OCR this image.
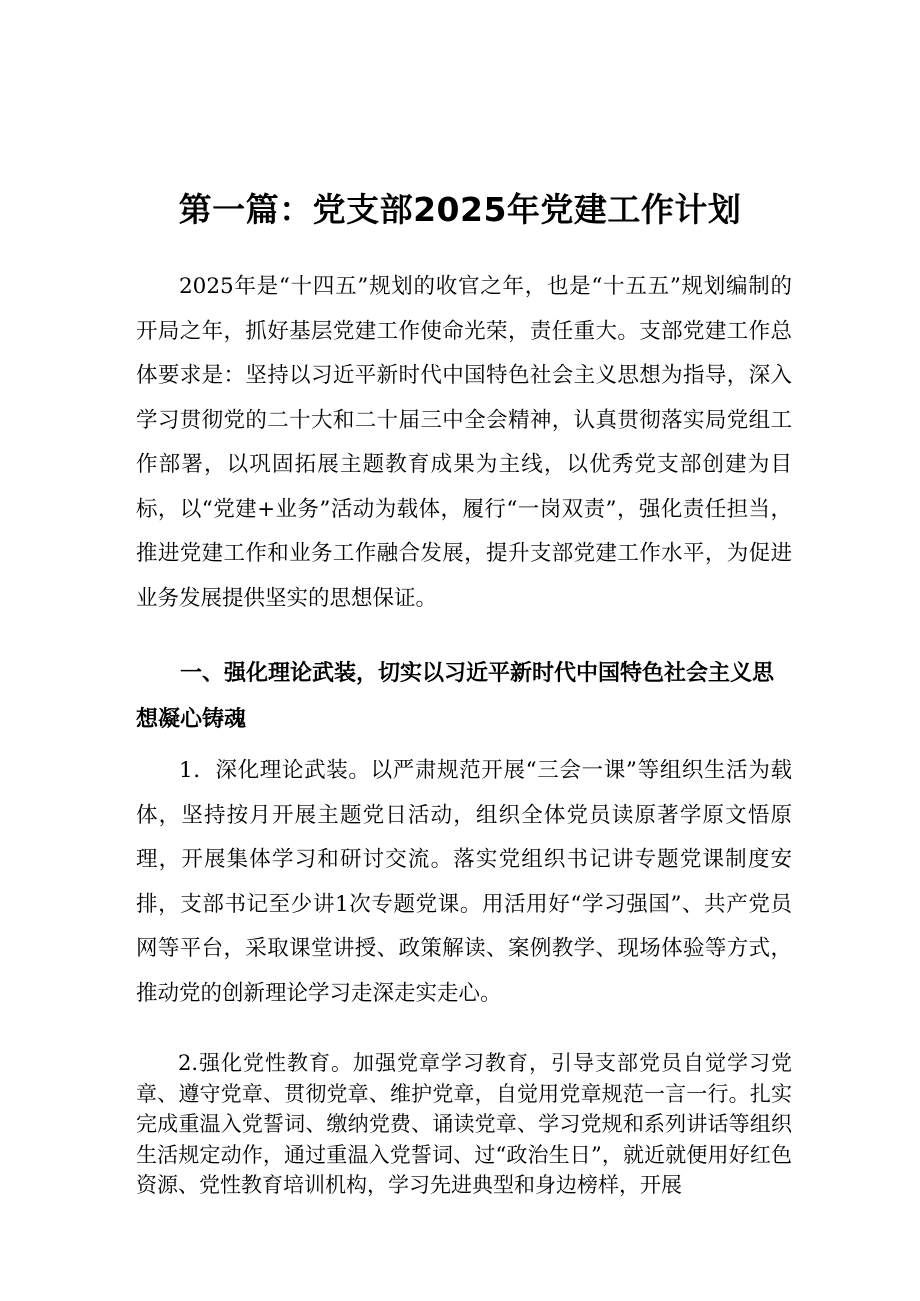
第一篇：党支部2025年党建工作计划

2025年是“十四五”规划的收官之年，也是“十五五”规划编制的开局之年，抓好基层党建工作使命光荣，责任重大。支部党建工作总体要求是：坚持以习近平新时代中国特色社会主义思想为指导，深入学习贯彻党的二十大和二十届三中全会精神，认真贯彻落实局党组工作部署，以巩固拓展主题教育成果为主线，以优秀党支部创建为目标，以“党建+业务”活动为载体，履行“一岗双责”，强化责任担当，推进党建工作和业务工作融合发展，提升支部党建工作水平，为促进业务发展提供坚实的思想保证。

一、强化理论武装，切实以习近平新时代中国特色社会主义思想凝心铸魂

1．深化理论武装。以严肃规范开展“三会一课”等组织生活为载体，坚持按月开展主题党日活动，组织全体党员读原著学原文悟原理，开展集体学习和研讨交流。落实党组织书记讲专题党课制度安排，支部书记至少讲1次专题党课。用活用好“学习强国”、共产党员网等平台，采取课堂讲授、政策解读、案例教学、现场体验等方式，推动党的创新理论学习走深走实走心。

2.强化党性教育。加强党章学习教育，引导支部党员自觉学习党章、遵守党章、贯彻党章、维护党章，自觉用党章规范一言一行。扎实完成重温入党誓词、缴纳党费、诵读党章、学习党规和系列讲话等组织生活规定动作，通过重温入党誓词、过“政治生日”，就近就便用好红色资源、党性教育培训机构，学习先进典型和身边榜样，开展
